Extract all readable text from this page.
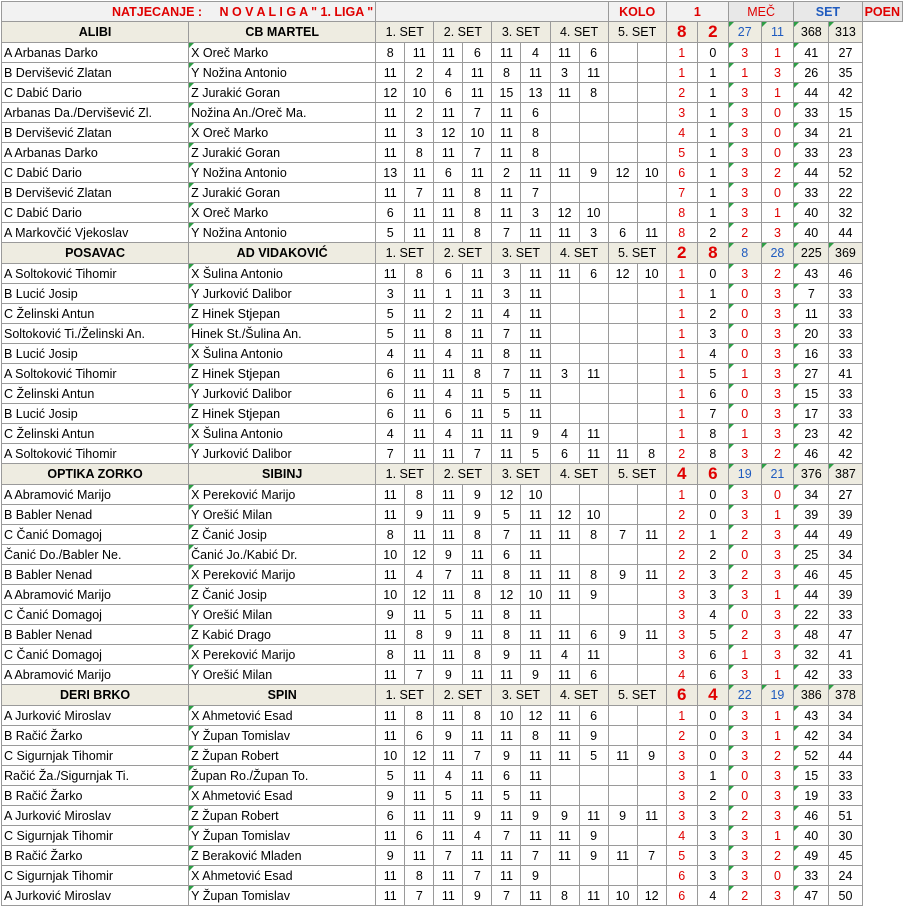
NATJECANJE : N O V A L I G A " 1. LIGA "										KOLO		1		MEČ		SET		POEN
ALIBI	CB MARTEL	1. SET		2. SET		3. SET		4. SET		5. SET		8	2	27	11	368	313	
A Arbanas Darko	X Oreč Marko	8	11	11	6	11	4	11	6			1	0	3	1	41	27	
B Dervišević Zlatan	Y Nožina Antonio	11	2	4	11	8	11	3	11			1	1	1	3	26	35	
C Dabić Dario	Z Jurakić Goran	12	10	6	11	15	13	11	8			2	1	3	1	44	42	
Arbanas Da./Dervišević Zl.	Nožina An./Oreč Ma.	11	2	11	7	11	6					3	1	3	0	33	15	
B Dervišević Zlatan	X Oreč Marko	11	3	12	10	11	8					4	1	3	0	34	21	
A Arbanas Darko	Z Jurakić Goran	11	8	11	7	11	8					5	1	3	0	33	23	
C Dabić Dario	Y Nožina Antonio	13	11	6	11	2	11	11	9	12	10	6	1	3	2	44	52	
B Dervišević Zlatan	Z Jurakić Goran	11	7	11	8	11	7					7	1	3	0	33	22	
C Dabić Dario	X Oreč Marko	6	11	11	8	11	3	12	10			8	1	3	1	40	32	
A Markovčić Vjekoslav	Y Nožina Antonio	5	11	11	8	7	11	11	3	6	11	8	2	2	3	40	44	
POSAVAC	AD VIDAKOVIĆ	1. SET		2. SET		3. SET		4. SET		5. SET		2	8	8	28	225	369	
A Soltoković Tihomir	X Šulina Antonio	11	8	6	11	3	11	11	6	12	10	1	0	3	2	43	46	
B Lucić Josip	Y Jurković Dalibor	3	11	1	11	3	11					1	1	0	3	7	33	
C Želinski Antun	Z Hinek Stjepan	5	11	2	11	4	11					1	2	0	3	11	33	
Soltoković Ti./Želinski An.	Hinek St./Šulina An.	5	11	8	11	7	11					1	3	0	3	20	33	
B Lucić Josip	X Šulina Antonio	4	11	4	11	8	11					1	4	0	3	16	33	
A Soltoković Tihomir	Z Hinek Stjepan	6	11	11	8	7	11	3	11			1	5	1	3	27	41	
C Želinski Antun	Y Jurković Dalibor	6	11	4	11	5	11					1	6	0	3	15	33	
B Lucić Josip	Z Hinek Stjepan	6	11	6	11	5	11					1	7	0	3	17	33	
C Želinski Antun	X Šulina Antonio	4	11	4	11	11	9	4	11			1	8	1	3	23	42	
A Soltoković Tihomir	Y Jurković Dalibor	7	11	11	7	11	5	6	11	11	8	2	8	3	2	46	42	
OPTIKA ZORKO	SIBINJ	1. SET		2. SET		3. SET		4. SET		5. SET		4	6	19	21	376	387	
A Abramović Marijo	X Pereković Marijo	11	8	11	9	12	10					1	0	3	0	34	27	
B Babler Nenad	Y Orešić Milan	11	9	11	9	5	11	12	10			2	0	3	1	39	39	
C Čanić Domagoj	Z Čanić Josip	8	11	11	8	7	11	11	8	7	11	2	1	2	3	44	49	
Čanić Do./Babler Ne.	Čanić Jo./Kabić Dr.	10	12	9	11	6	11					2	2	0	3	25	34	
B Babler Nenad	X Pereković Marijo	11	4	7	11	8	11	11	8	9	11	2	3	2	3	46	45	
A Abramović Marijo	Z Čanić Josip	10	12	11	8	12	10	11	9			3	3	3	1	44	39	
C Čanić Domagoj	Y Orešić Milan	9	11	5	11	8	11					3	4	0	3	22	33	
B Babler Nenad	Z Kabić Drago	11	8	9	11	8	11	11	6	9	11	3	5	2	3	48	47	
C Čanić Domagoj	X Pereković Marijo	8	11	11	8	9	11	4	11			3	6	1	3	32	41	
A Abramović Marijo	Y Orešić Milan	11	7	9	11	11	9	11	6			4	6	3	1	42	33	
DERI BRKO	SPIN	1. SET		2. SET		3. SET		4. SET		5. SET		6	4	22	19	386	378	
A Jurković Miroslav	X Ahmetović Esad	11	8	11	8	10	12	11	6			1	0	3	1	43	34	
B Račić Žarko	Y Župan Tomislav	11	6	9	11	11	8	11	9			2	0	3	1	42	34	
C Sigurnjak Tihomir	Z Župan Robert	10	12	11	7	9	11	11	5	11	9	3	0	3	2	52	44	
Račić Ža./Sigurnjak Ti.	Župan Ro./Župan To.	5	11	4	11	6	11					3	1	0	3	15	33	
B Račić Žarko	X Ahmetović Esad	9	11	5	11	5	11					3	2	0	3	19	33	
A Jurković Miroslav	Z Župan Robert	6	11	11	9	11	9	9	11	9	11	3	3	2	3	46	51	
C Sigurnjak Tihomir	Y Župan Tomislav	11	6	11	4	7	11	11	9			4	3	3	1	40	30	
B Račić Žarko	Z Beraković Mladen	9	11	7	11	11	7	11	9	11	7	5	3	3	2	49	45	
C Sigurnjak Tihomir	X Ahmetović Esad	11	8	11	7	11	9					6	3	3	0	33	24	
A Jurković Miroslav	Y Župan Tomislav	11	7	11	9	7	11	8	11	10	12	6	4	2	3	47	50	
